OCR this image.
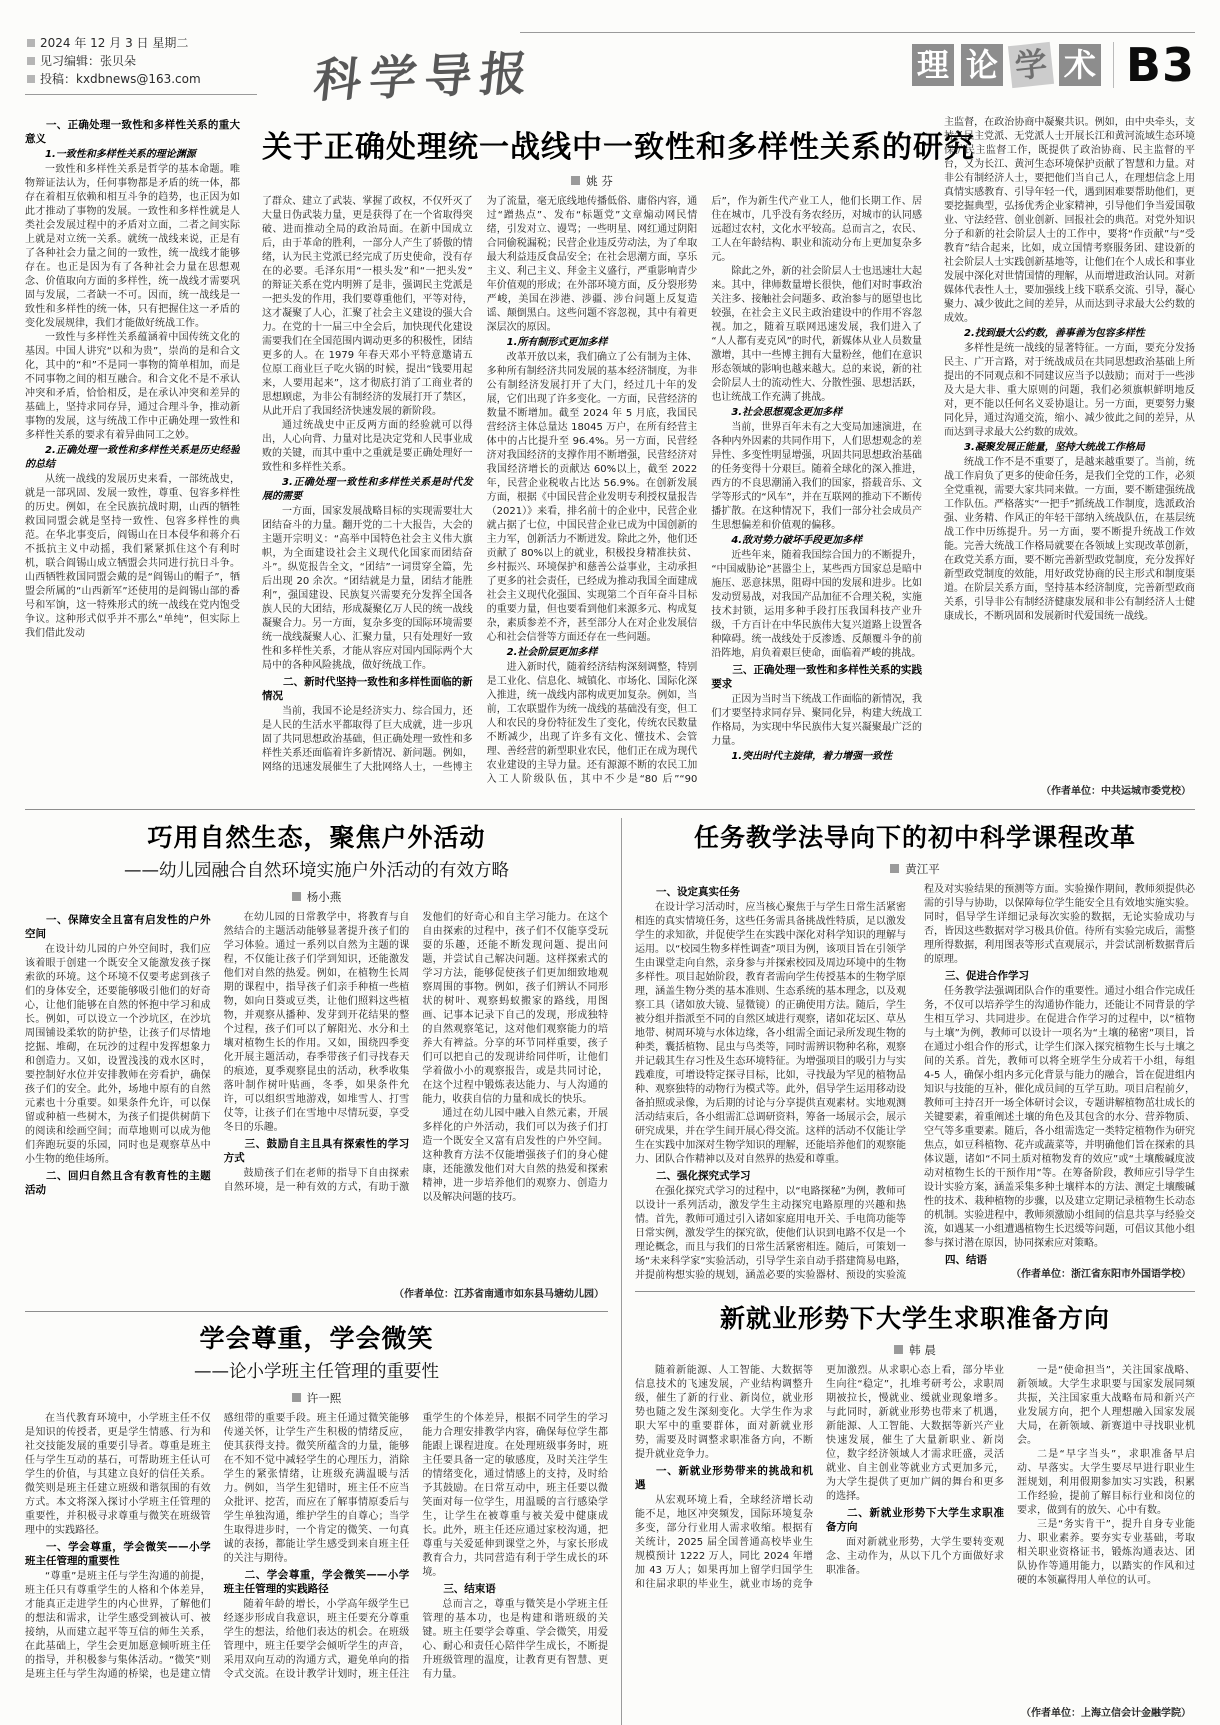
2024 年 12 月 3 日 星期二
见习编辑：张贝朵
投稿：kxdbnews@163.com 科学导报	理 论 学 术 B3
一、正确处理一致性和多样性关系的重大意义
1.一致性和多样性关系的理论渊源
一致性和多样性关系是哲学的基本命题。唯物辩证法认为，任何事物都是矛盾的统一体，都存在着相互依赖和相互斗争的趋势，也正因为如此才推动了事物的发展。一致性和多样性就是人类社会发展过程中的矛盾对立面，二者之间实际上就是对立统一关系。就统一战线来说，正是有了各种社会力量之间的一致性，统一战线才能够存在。也正是因为有了各种社会力量在思想观念、价值取向方面的多样性，统一战线才需要巩固与发展，二者缺一不可。因而，统一战线是一致性和多样性的统一体，只有把握住这一矛盾的变化发展规律，我们才能做好统战工作。
一致性与多样性关系蕴涵着中国传统文化的基因。中国人讲究“以和为贵”，崇尚的是和合文化，其中的“和”不是同一事物的简单相加，而是不同事物之间的相互融合。和合文化不是不承认冲突和矛盾，恰恰相反，是在承认冲突和差异的基础上，坚持求同存异，通过合理斗争，推动新事物的发展，这与统战工作中正确处理一致性和多样性关系的要求有着异曲同工之妙。
2.正确处理一致性和多样性关系是历史经验的总结
从统一战线的发展历史来看，一部统战史，就是一部巩固、发展一致性，尊重、包容多样性的历史。例如，在全民族抗战时期，山西的牺牲救国同盟会就是坚持一致性、包容多样性的典范。在华北事变后，阎锡山在日本侵华和蒋介石不抵抗主义中动摇，我们紧紧抓住这个有利时机，联合阎锡山成立牺盟会共同进行抗日斗争。山西牺牲救国同盟会戴的是“阎锡山的帽子”，牺盟会所属的“山西新军”还使用的是阎锡山部的番号和军饷，这一特殊形式的统一战线在党内饱受争议。这种形式似乎并不那么“单纯”，但实际上我们借此发动
关于正确处理统一战线中一致性和多样性关系的研究
姚 芬
了群众、建立了武装、掌握了政权，不仅歼灭了大量日伪武装力量，更是获得了在一个省取得突破、进而推动全局的政治局面。在新中国成立后，由于革命的胜利，一部分人产生了骄傲的情绪，认为民主党派已经完成了历史使命，没有存在的必要。毛泽东用“一根头发”和“一把头发”的辩证关系在党内明辨了是非，强调民主党派是一把头发的作用，我们要尊重他们，平等对待，这才凝聚了人心，汇聚了社会主义建设的强大合力。在党的十一届三中全会后，加快现代化建设需要我们在全国范围内调动更多的积极性，团结更多的人。在 1979 年春天邓小平特意邀请五位原工商业巨子吃火锅的时候，提出“钱要用起来，人要用起来”，这才彻底打消了工商业者的思想顾虑，为非公有制经济的发展打开了禁区，从此开启了我国经济快速发展的新阶段。
通过统战史中正反两方面的经验就可以得出，人心向背、力量对比是决定党和人民事业成败的关键，而其中重中之重就是要正确处理好一致性和多样性关系。
3.正确处理一致性和多样性关系是时代发展的需要
一方面，国家发展战略目标的实现需要壮大团结奋斗的力量。翻开党的二十大报告，大会的主题开宗明义：“高举中国特色社会主义伟大旗帜，为全面建设社会主义现代化国家而团结奋斗”。纵览报告全文，“团结”一词贯穿全篇，先后出现 20 余次。“团结就是力量，团结才能胜利”，强国建设、民族复兴需要充分发挥全国各族人民的大团结，形成凝聚亿万人民的统一战线凝聚合力。另一方面，复杂多变的国际环境需要统一战线凝聚人心、汇聚力量，只有处理好一致性和多样性关系，才能从容应对国内国际两个大局中的各种风险挑战，做好统战工作。
二、新时代坚持一致性和多样性面临的新情况
当前，我国不论是经济实力、综合国力，还是人民的生活水平都取得了巨大成就，进一步巩固了共同思想政治基础，但正确处理一致性和多样性关系还面临着许多新情况、新问题。例如，网络的迅速发展催生了大批网络人士，一些博主为了流量，毫无底线地传播低俗、庸俗内容，通过“蹭热点”、发布“标题党”文章煽动网民情绪，引发对立、谩骂；一些明星、网红通过阴阳合同偷税漏税；民营企业违反劳动法，为了牟取最大利益违反食品安全；在社会思潮方面，享乐主义、利己主义、拜金主义盛行，严重影响青少年价值观的形成；在外部环境方面，反分裂形势严峻，美国在涉港、涉疆、涉台问题上反复造谣、颠倒黑白。这些问题不容忽视，其中有着更深层次的原因。
1.所有制形式更加多样
改革开放以来，我们确立了公有制为主体、多种所有制经济共同发展的基本经济制度，为非公有制经济发展打开了大门，经过几十年的发展，它们出现了许多变化。一方面，民营经济的数量不断增加。截至 2024 年 5 月底，我国民营经济主体总量达 18045 万户，在所有经营主体中的占比提升至 96.4%。另一方面，民营经济对我国经济的支撑作用不断增强，民营经济对我国经济增长的贡献达 60%以上，截至 2022 年，民营企业税收占比达 56.9%。在创新发展方面，根据《中国民营企业发明专利授权量报告（2021）》来看，排名前十的企业中，民营企业就占据了七位，中国民营企业已成为中国创新的主力军，创新活力不断迸发。除此之外，他们还贡献了 80%以上的就业，积极投身精准扶贫、乡村振兴、环境保护和慈善公益事业，主动承担了更多的社会责任，已经成为推动我国全面建成社会主义现代化强国、实现第二个百年奋斗目标的重要力量，但也要看到他们来源多元、构成复杂，素质参差不齐，甚至部分人在对企业发展信心和社会信誉等方面还存在一些问题。
2.社会阶层更加多样
进入新时代，随着经济结构深刻调整，特别是工业化、信息化、城镇化、市场化、国际化深入推进，统一战线内部构成更加复杂。例如，当前，工农联盟作为统一战线的基础没有变，但工人和农民的身份特征发生了变化，传统农民数量不断减少，出现了许多有文化、懂技术、会管理、善经营的新型职业农民，他们正在成为现代农业建设的主导力量。还有源源不断的农民工加入工人阶级队伍，其中不少是“80 后”“90 后”，作为新生代产业工人，他们长期工作、居住在城市，几乎没有务农经历，对城市的认同感远超过农村，文化水平较高。总而言之，农民、工人在年龄结构、职业和流动分布上更加复杂多元。
除此之外，新的社会阶层人士也迅速壮大起来。其中，律师数量增长很快，他们对时事政治关注多、接触社会问题多、政治参与的愿望也比较强，在社会主义民主政治建设中的作用不容忽视。加之，随着互联网迅速发展，我们进入了“人人都有麦克风”的时代，新媒体从业人员数量激增，其中一些博主拥有大量粉丝，他们在意识形态领域的影响也越来越大。总的来说，新的社会阶层人士的流动性大、分散性强、思想活跃，也让统战工作充满了挑战。
3.社会思想观念更加多样
当前，世界百年未有之大变局加速演进，在各种内外因素的共同作用下，人们思想观念的差异性、多变性明显增强，巩固共同思想政治基础的任务变得十分艰巨。随着全球化的深入推进，西方的不良思潮涌入我们的国家，搭载音乐、文学等形式的“风车”，并在互联网的推动下不断传播扩散。在这种情况下，我们一部分社会成员产生思想偏差和价值观的偏移。
4.敌对势力破坏手段更加多样
近些年来，随着我国综合国力的不断提升，“中国威胁论”甚嚣尘上，某些西方国家总是暗中施压、恶意抹黑，阻碍中国的发展和进步。比如发动贸易战，对我国产品加征不合理关税，实施技术封锁，运用多种手段打压我国科技产业升级，千方百计在中华民族伟大复兴道路上设置各种障碍。统一战线处于反渗透、反颠覆斗争的前沿阵地，肩负着艰巨使命，面临着严峻的挑战。
三、正确处理一致性和多样性关系的实践要求
正因为当时当下统战工作面临的新情况，我们才要坚持求同存异、聚同化异，构建大统战工作格局，为实现中华民族伟大复兴凝聚最广泛的力量。
1.突出时代主旋律，着力增强一致性
主监督，在政治协商中凝聚共识。例如，由中央牵头，支持各民主党派、无党派人士开展长江和黄河流域生态环境保护民主监督工作，既提供了政治协商、民主监督的平台，又为长江、黄河生态环境保护贡献了智慧和力量。对非公有制经济人士，要把他们当自己人，在理想信念上用真情实感教育、引导年轻一代，遇到困难要帮助他们，更要挖掘典型，弘扬优秀企业家精神，引导他们争当爱国敬业、守法经营、创业创新、回报社会的典范。对党外知识分子和新的社会阶层人士的工作中，要将“作贡献”与“受教育”结合起来，比如，成立国情考察服务团、建设新的社会阶层人士实践创新基地等，让他们在个人成长和事业发展中深化对世情国情的理解，从而增进政治认同。对新媒体代表性人士，要加强线上线下联系交流、引导，凝心聚力、减少彼此之间的差异，从而达到寻求最大公约数的成效。
2.找到最大公约数，善事善为包容多样性
多样性是统一战线的显著特征。一方面，要充分发扬民主、广开言路，对于统战成员在共同思想政治基础上所提出的不同观点和不同建议应当予以鼓励；而对于一些涉及大是大非、重大原则的问题，我们必须旗帜鲜明地反对，更不能以任何名义妥协退让。另一方面，更要努力聚同化异，通过沟通交流，缩小、减少彼此之间的差异，从而达到寻求最大公约数的成效。
3.凝聚发展正能量，坚持大统战工作格局
统战工作不是不重要了，是越来越重要了。当前，统战工作肩负了更多的使命任务，是我们全党的工作，必须全党重视，需要大家共同来做。一方面，要不断建强统战工作队伍。严格落实“一把手”抓统战工作制度，选派政治强、业务精、作风正的年轻干部纳入统战队伍，在基层统战工作中历练提升。另一方面，要不断提升统战工作效能。完善大统战工作格局就要在各领域上实现改革创新，在政党关系方面，要不断完善新型政党制度，充分发挥好新型政党制度的效能，用好政党协商的民主形式和制度渠道。在阶层关系方面，坚持基本经济制度，完善新型政商关系，引导非公有制经济健康发展和非公有制经济人士健康成长，不断巩固和发展新时代爱国统一战线。
（作者单位：中共运城市委党校）
巧用自然生态，聚焦户外活动
——幼儿园融合自然环境实施户外活动的有效方略
杨小燕
一、保障安全且富有启发性的户外空间
在设计幼儿园的户外空间时，我们应该着眼于创建一个既安全又能激发孩子探索欲的环境。这个环境不仅要考虑到孩子们的身体安全，还要能够吸引他们的好奇心，让他们能够在自然的怀抱中学习和成长。例如，可以设立一个沙坑区，在沙坑周围铺设柔软的防护垫，让孩子们尽情地挖掘、堆砌，在玩沙的过程中发挥想象力和创造力。又如，设置浅浅的戏水区时，要控制好水位并安排教师在旁看护，确保孩子们的安全。此外，场地中原有的自然元素也十分重要。如果条件允许，可以保留或种植一些树木，为孩子们提供树荫下的阅读和绘画空间；而草地则可以成为他们奔跑玩耍的乐园，同时也是观察草丛中小生物的绝佳场所。
二、回归自然且含有教育性的主题活动
在幼儿园的日常教学中，将教育与自然结合的主题活动能够显著提升孩子们的学习体验。通过一系列以自然为主题的课程，不仅能让孩子们学到知识，还能激发他们对自然的热爱。例如，在植物生长周期的课程中，指导孩子们亲手种植一些植物，如向日葵或豆类，让他们照料这些植物，并观察从播种、发芽到开花结果的整个过程，孩子们可以了解阳光、水分和土壤对植物生长的作用。又如，围绕四季变化开展主题活动，春季带孩子们寻找春天的痕迹，夏季观察昆虫的活动，秋季收集落叶制作树叶贴画，冬季，如果条件允许，可以组织雪地游戏，如堆雪人、打雪仗等，让孩子们在雪地中尽情玩耍，享受冬日的乐趣。
三、鼓励自主且具有探索性的学习方式
鼓励孩子们在老师的指导下自由探索自然环境，是一种有效的方式，有助于激发他们的好奇心和自主学习能力。在这个自由探索的过程中，孩子们不仅能享受玩耍的乐趣，还能不断发现问题、提出问题，并尝试自己解决问题。这样探索式的学习方法，能够促使孩子们更加细致地观察周围的事物。例如，孩子们辨认不同形状的树叶、观察蚂蚁搬家的路线，用图画、记事本记录下自己的发现，形成独特的自然观察笔记，这对他们观察能力的培养大有裨益。分享的环节同样重要，孩子们可以把自己的发现讲给同伴听，让他们学着做小小的观察报告，或是共同讨论，在这个过程中锻炼表达能力、与人沟通的能力，收获自信的力量和成长的快乐。
通过在幼儿园中融入自然元素，开展多样化的户外活动，我们可以为孩子们打造一个既安全又富有启发性的户外空间。这种教育方法不仅能增强孩子们的身心健康，还能激发他们对大自然的热爱和探索精神，进一步培养他们的观察力、创造力以及解决问题的技巧。
（作者单位：江苏省南通市如东县马塘幼儿园）
学会尊重，学会微笑
——论小学班主任管理的重要性
许一熙
在当代教育环境中，小学班主任不仅是知识的传授者，更是学生情感、行为和社交技能发展的重要引导者。尊重是班主任与学生互动的基石，可帮助班主任认可学生的价值，与其建立良好的信任关系。微笑则是班主任建立班级和谐氛围的有效方式。本文将深入探讨小学班主任管理的重要性，并积极寻求尊重与微笑在班级管理中的实践路径。
一、学会尊重，学会微笑——小学班主任管理的重要性
“尊重”是班主任与学生沟通的前提，班主任只有尊重学生的人格和个体差异，才能真正走进学生的内心世界，了解他们的想法和需求，让学生感受到被认可、被接纳，从而建立起平等互信的师生关系，在此基础上，学生会更加愿意倾听班主任的指导，并积极参与集体活动。“微笑”则是班主任与学生沟通的桥梁，也是建立情感纽带的重要手段。班主任通过微笑能够传递关怀，让学生产生积极的情绪反应，使其获得支持。微笑所蕴含的力量，能够在不知不觉中减轻学生的心理压力，消除学生的紧张情绪，让班级充满温暖与活力。例如，当学生犯错时，班主任不应当众批评、挖苦，而应在了解事情原委后与学生单独沟通，维护学生的自尊心；当学生取得进步时，一个肯定的微笑、一句真诚的表扬，都能让学生感受到来自班主任的关注与期待。
二、学会尊重，学会微笑——小学班主任管理的实践路径
随着年龄的增长，小学高年级学生已经逐步形成自我意识，班主任要充分尊重学生的想法，给他们表达的机会。在班级管理中，班主任要学会倾听学生的声音，采用双向互动的沟通方式，避免单向的指令式交流。在设计教学计划时，班主任注重学生的个体差异，根据不同学生的学习能力合理安排教学内容，确保每位学生都能跟上课程进度。在处理班级事务时，班主任要具备一定的敏感度，及时关注学生的情绪变化，通过情感上的支持，及时给予其鼓励。在日常互动中，班主任要以微笑面对每一位学生，用温暖的言行感染学生，让学生在被尊重与被关爱中健康成长。此外，班主任还应通过家校沟通，把尊重与关爱延伸到课堂之外，与家长形成教育合力，共同营造有利于学生成长的环境。
三、结束语
总而言之，尊重与微笑是小学班主任管理的基本功，也是构建和谐班级的关键。班主任要学会尊重、学会微笑，用爱心、耐心和责任心陪伴学生成长，不断提升班级管理的温度，让教育更有智慧、更有力量。
任务教学法导向下的初中科学课程改革
黄江平
一、设定真实任务
在设计学习活动时，应当核心聚焦于与学生日常生活紧密相连的真实情境任务，这些任务需具备挑战性特质，足以激发学生的求知欲，并促使学生在实践中深化对科学知识的理解与运用。以“校园生物多样性调查”项目为例，该项目旨在引领学生由课堂走向自然，亲身参与并探索校园及周边环境中的生物多样性。项目起始阶段，教育者需向学生传授基本的生物学原理，涵盖生物分类的基本准则、生态系统的基本理念，以及观察工具（诸如放大镜、显微镜）的正确使用方法。随后，学生被分组并指派至不同的自然区域进行观察，诸如花坛区、草丛地带、树周环境与水体边缘，各小组需全面记录所发现生物的种类，囊括植物、昆虫与鸟类等，同时需辨识物种名称，观察并记载其生存习性及生态环境特征。为增强项目的吸引力与实践难度，可增设特定探寻目标，比如，寻找最为罕见的植物品种、观察独特的动物行为模式等。此外，倡导学生运用移动设备拍照或录像，为后期的讨论与分享提供直观素材。实地观测活动结束后，各小组需汇总调研资料，筹备一场展示会，展示研究成果，并在学生间开展心得交流。这样的活动不仅能让学生在实践中加深对生物学知识的理解，还能培养他们的观察能力、团队合作精神以及对自然界的热爱和尊重。
二、强化探究式学习
在强化探究式学习的过程中，以“电路探秘”为例，教师可以设计一系列活动，激发学生主动探究电路原理的兴趣和热情。首先，教师可通过引入诸如家庭用电开关、手电筒功能等日常实例，激发学生的探究欲，使他们认识到电路不仅是一个理论概念，而且与我们的日常生活紧密相连。随后，可策划一场“未来科学家”实验活动，引导学生亲自动手搭建简易电路，并提前构想实验的规划，涵盖必要的实验器材、预设的实验流程及对实验结果的预测等方面。实验操作期间，教师须提供必需的引导与协助，以保障每位学生能安全且有效地实施实验。同时，倡导学生详细记录每次实验的数据，无论实验成功与否，皆因这些数据对学习极具价值。待所有实验完成后，需整理所得数据，利用图表等形式直观展示，并尝试剖析数据背后的原理。
三、促进合作学习
任务教学法强调团队合作的重要性。通过小组合作完成任务，不仅可以培养学生的沟通协作能力，还能让不同背景的学生相互学习、共同进步。在促进合作学习的过程中，以“植物与土壤”为例，教师可以设计一项名为“土壤的秘密”项目，旨在通过小组合作的形式，让学生们深入探究植物生长与土壤之间的关系。首先，教师可以将全班学生分成若干小组，每组 4-5 人，确保小组内多元化背景与能力的融合，旨在促进组内知识与技能的互补，催化成员间的互学互助。项目启程前夕，教师可主持召开一场全体研讨会议，专题讲解植物茁壮成长的关键要素，着重阐述土壤的角色及其包含的水分、营养物质、空气等多重要素。随后，各小组需选定一类特定植物作为研究焦点，如豆科植物、花卉或蔬菜等，并明确他们旨在探索的具体议题，诸如“不同土质对植物发育的效应”或“土壤酸碱度波动对植物生长的干预作用”等。在筹备阶段，教师应引导学生设计实验方案，涵盖采集多种土壤样本的方法、测定土壤酸碱性的技术、栽种植物的步骤，以及建立定期记录植物生长动态的机制。实验进程中，教师须激励小组间的信息共享与经验交流，如遇某一小组遭遇植物生长迟缓等问题，可倡议其他小组参与探讨潜在原因，协同探索应对策略。
四、结语
（作者单位：浙江省东阳市外国语学校）
新就业形势下大学生求职准备方向
韩 晨
随着新能源、人工智能、大数据等信息技术的飞速发展，产业结构调整升级，催生了新的行业、新岗位，就业形势也随之发生深刻变化。大学生作为求职大军中的重要群体，面对新就业形势，需要及时调整求职准备方向，不断提升就业竞争力。
一、新就业形势带来的挑战和机遇
从宏观环境上看，全球经济增长动能不足，地区冲突频发，国际环境复杂多变，部分行业用人需求收缩。根据有关统计，2025 届全国普通高校毕业生规模预计 1222 万人，同比 2024 年增加 43 万人；如果再加上留学归国学生和往届求职的毕业生，就业市场的竞争更加激烈。从求职心态上看，部分毕业生向往“稳定”，扎堆考研考公，求职周期被拉长，慢就业、缓就业现象增多。与此同时，新就业形势也带来了机遇，新能源、人工智能、大数据等新兴产业快速发展，催生了大量新职业、新岗位，数字经济领域人才需求旺盛，灵活就业、自主创业等就业方式更加多元，为大学生提供了更加广阔的舞台和更多的选择。
二、新就业形势下大学生求职准备方向
面对新就业形势，大学生要转变观念、主动作为，从以下几个方面做好求职准备。
一是“使命担当”，关注国家战略、新领域。大学生求职要与国家发展同频共振，关注国家重大战略布局和新兴产业发展方向，把个人理想融入国家发展大局，在新领域、新赛道中寻找职业机会。
二是“早字当头”，求职准备早启动、早落实。大学生要尽早进行职业生涯规划，利用假期参加实习实践，积累工作经验，提前了解目标行业和岗位的要求，做到有的放矢、心中有数。
三是“务实肯干”，提升自身专业能力、职业素养。要夯实专业基础，考取相关职业资格证书，锻炼沟通表达、团队协作等通用能力，以踏实的作风和过硬的本领赢得用人单位的认可。
（作者单位：上海立信会计金融学院）
